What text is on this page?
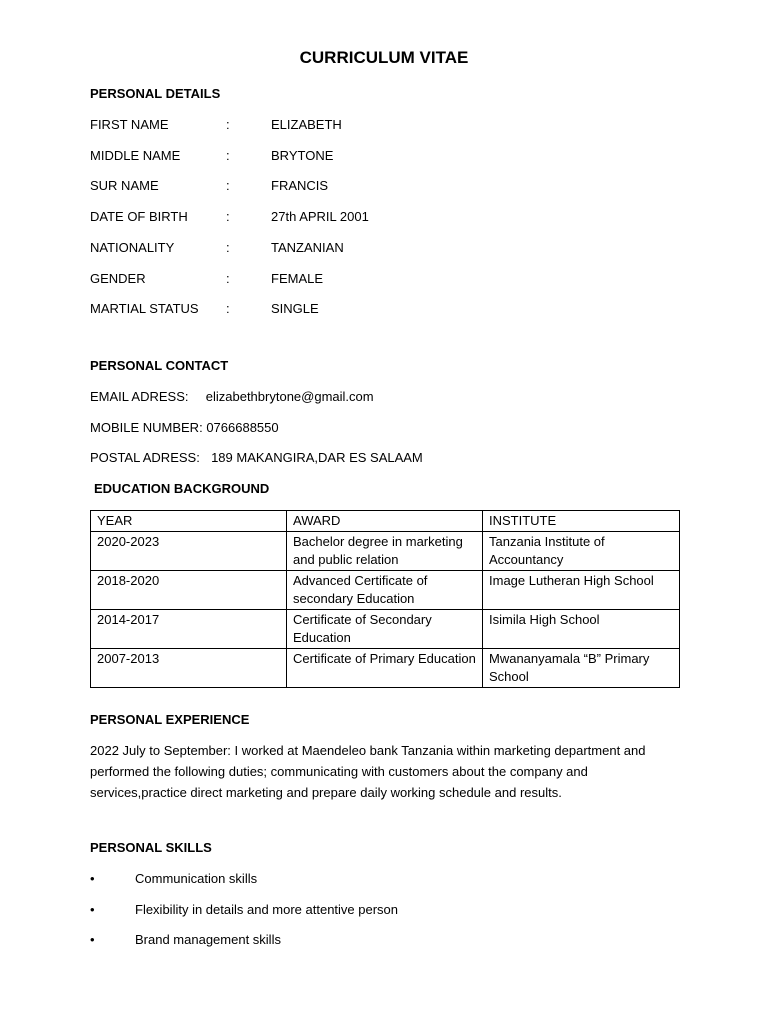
CURRICULUM VITAE
PERSONAL DETAILS
FIRST NAME	:	ELIZABETH
MIDDLE NAME	:	BRYTONE
SUR NAME	:	FRANCIS
DATE OF BIRTH	:	27th APRIL 2001
NATIONALITY	:	TANZANIAN
GENDER	:	FEMALE
MARTIAL STATUS :	SINGLE
PERSONAL CONTACT
EMAIL ADRESS: elizabethbrytone@gmail.com
MOBILE NUMBER: 0766688550
POSTAL ADRESS: 189 MAKANGIRA,DAR ES SALAAM
EDUCATION BACKGROUND
YEAR	AWARD	INSTITUTE
2020-2023	Bachelor degree in marketing and public relation	Tanzania Institute of Accountancy
2018-2020	Advanced Certificate of secondary Education	Image Lutheran High School
2014-2017	Certificate of Secondary Education	Isimila High School
2007-2013	Certificate of Primary Education	Mwananyamala “B” Primary School
PERSONAL EXPERIENCE
2022 July to September: I worked at Maendeleo bank Tanzania within marketing department and performed the following duties; communicating with customers about the company and services,practice direct marketing and prepare daily working schedule and results.
PERSONAL SKILLS
•	Communication skills
•	Flexibility in details and more attentive person
•	Brand management skills
